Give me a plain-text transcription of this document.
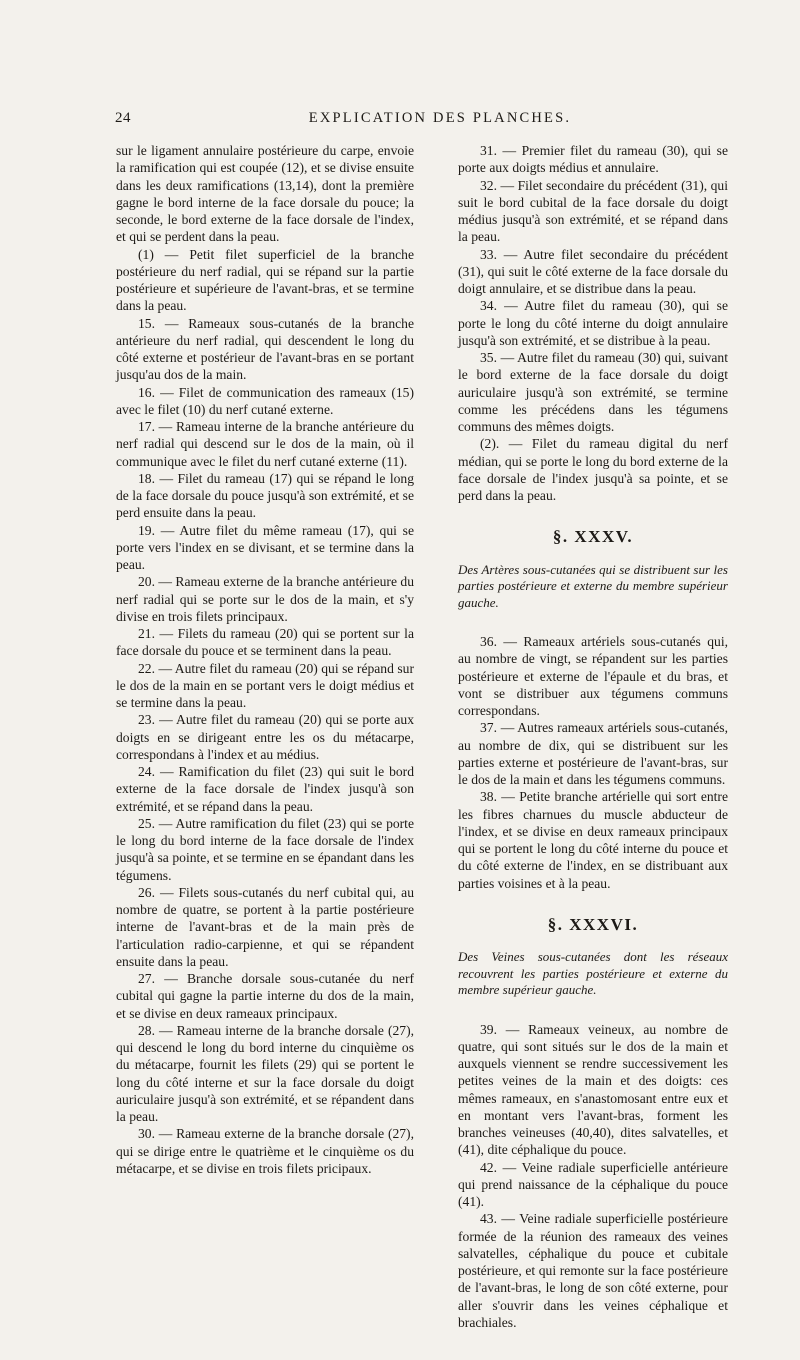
24	EXPLICATION DES PLANCHES.

sur le ligament annulaire postérieure du carpe, envoie la ramification qui est coupée (12), et se divise ensuite dans les deux ramifications (13,14), dont la première gagne le bord interne de la face dorsale du pouce; la seconde, le bord externe de la face dorsale de l'index, et qui se perdent dans la peau.

(1) — Petit filet superficiel de la branche postérieure du nerf radial, qui se répand sur la partie postérieure et supérieure de l'avant-bras, et se termine dans la peau.

15. — Rameaux sous-cutanés de la branche antérieure du nerf radial, qui descendent le long du côté externe et postérieur de l'avant-bras en se portant jusqu'au dos de la main.

16. — Filet de communication des rameaux (15) avec le filet (10) du nerf cutané externe.

17. — Rameau interne de la branche antérieure du nerf radial qui descend sur le dos de la main, où il communique avec le filet du nerf cutané externe (11).

18. — Filet du rameau (17) qui se répand le long de la face dorsale du pouce jusqu'à son extrémité, et se perd ensuite dans la peau.

19. — Autre filet du même rameau (17), qui se porte vers l'index en se divisant, et se termine dans la peau.

20. — Rameau externe de la branche antérieure du nerf radial qui se porte sur le dos de la main, et s'y divise en trois filets principaux.

21. — Filets du rameau (20) qui se portent sur la face dorsale du pouce et se terminent dans la peau.

22. — Autre filet du rameau (20) qui se répand sur le dos de la main en se portant vers le doigt médius et se termine dans la peau.

23. — Autre filet du rameau (20) qui se porte aux doigts en se dirigeant entre les os du métacarpe, correspondans à l'index et au médius.

24. — Ramification du filet (23) qui suit le bord externe de la face dorsale de l'index jusqu'à son extrémité, et se répand dans la peau.

25. — Autre ramification du filet (23) qui se porte le long du bord interne de la face dorsale de l'index jusqu'à sa pointe, et se termine en se épandant dans les tégumens.

26. — Filets sous-cutanés du nerf cubital qui, au nombre de quatre, se portent à la partie postérieure interne de l'avant-bras et de la main près de l'articulation radio-carpienne, et qui se répandent ensuite dans la peau.

27. — Branche dorsale sous-cutanée du nerf cubital qui gagne la partie interne du dos de la main, et se divise en deux rameaux principaux.

28. — Rameau interne de la branche dorsale (27), qui descend le long du bord interne du cinquième os du métacarpe, fournit les filets (29) qui se portent le long du côté interne et sur la face dorsale du doigt auriculaire jusqu'à son extrémité, et se répandent dans la peau.

30. — Rameau externe de la branche dorsale (27), qui se dirige entre le quatrième et le cinquième os du métacarpe, et se divise en trois filets pricipaux.

31. — Premier filet du rameau (30), qui se porte aux doigts médius et annulaire.

32. — Filet secondaire du précédent (31), qui suit le bord cubital de la face dorsale du doigt médius jusqu'à son extrémité, et se répand dans la peau.

33. — Autre filet secondaire du précédent (31), qui suit le côté externe de la face dorsale du doigt annulaire, et se distribue dans la peau.

34. — Autre filet du rameau (30), qui se porte le long du côté interne du doigt annulaire jusqu'à son extrémité, et se distribue à la peau.

35. — Autre filet du rameau (30) qui, suivant le bord externe de la face dorsale du doigt auriculaire jusqu'à son extrémité, se termine comme les précédens dans les tégumens communs des mêmes doigts.

(2). — Filet du rameau digital du nerf médian, qui se porte le long du bord externe de la face dorsale de l'index jusqu'à sa pointe, et se perd dans la peau.

§. XXXV.
Des Artères sous-cutanées qui se distribuent sur les parties postérieure et externe du membre supérieur gauche.

36. — Rameaux artériels sous-cutanés qui, au nombre de vingt, se répandent sur les parties postérieure et externe de l'épaule et du bras, et vont se distribuer aux tégumens communs correspondans.

37. — Autres rameaux artériels sous-cutanés, au nombre de dix, qui se distribuent sur les parties externe et postérieure de l'avant-bras, sur le dos de la main et dans les tégumens communs.

38. — Petite branche artérielle qui sort entre les fibres charnues du muscle abducteur de l'index, et se divise en deux rameaux principaux qui se portent le long du côté interne du pouce et du côté externe de l'index, en se distribuant aux parties voisines et à la peau.

§. XXXVI.
Des Veines sous-cutanées dont les réseaux recouvrent les parties postérieure et externe du membre supérieur gauche.

39. — Rameaux veineux, au nombre de quatre, qui sont situés sur le dos de la main et auxquels viennent se rendre successivement les petites veines de la main et des doigts: ces mêmes rameaux, en s'anastomosant entre eux et en montant vers l'avant-bras, forment les branches veineuses (40,40), dites salvatelles, et (41), dite céphalique du pouce.

42. — Veine radiale superficielle antérieure qui prend naissance de la céphalique du pouce (41).

43. — Veine radiale superficielle postérieure formée de la réunion des rameaux des veines salvatelles, céphalique du pouce et cubitale postérieure, et qui remonte sur la face postérieure de l'avant-bras, le long de son côté externe, pour aller s'ouvrir dans les veines céphalique et brachiales.
